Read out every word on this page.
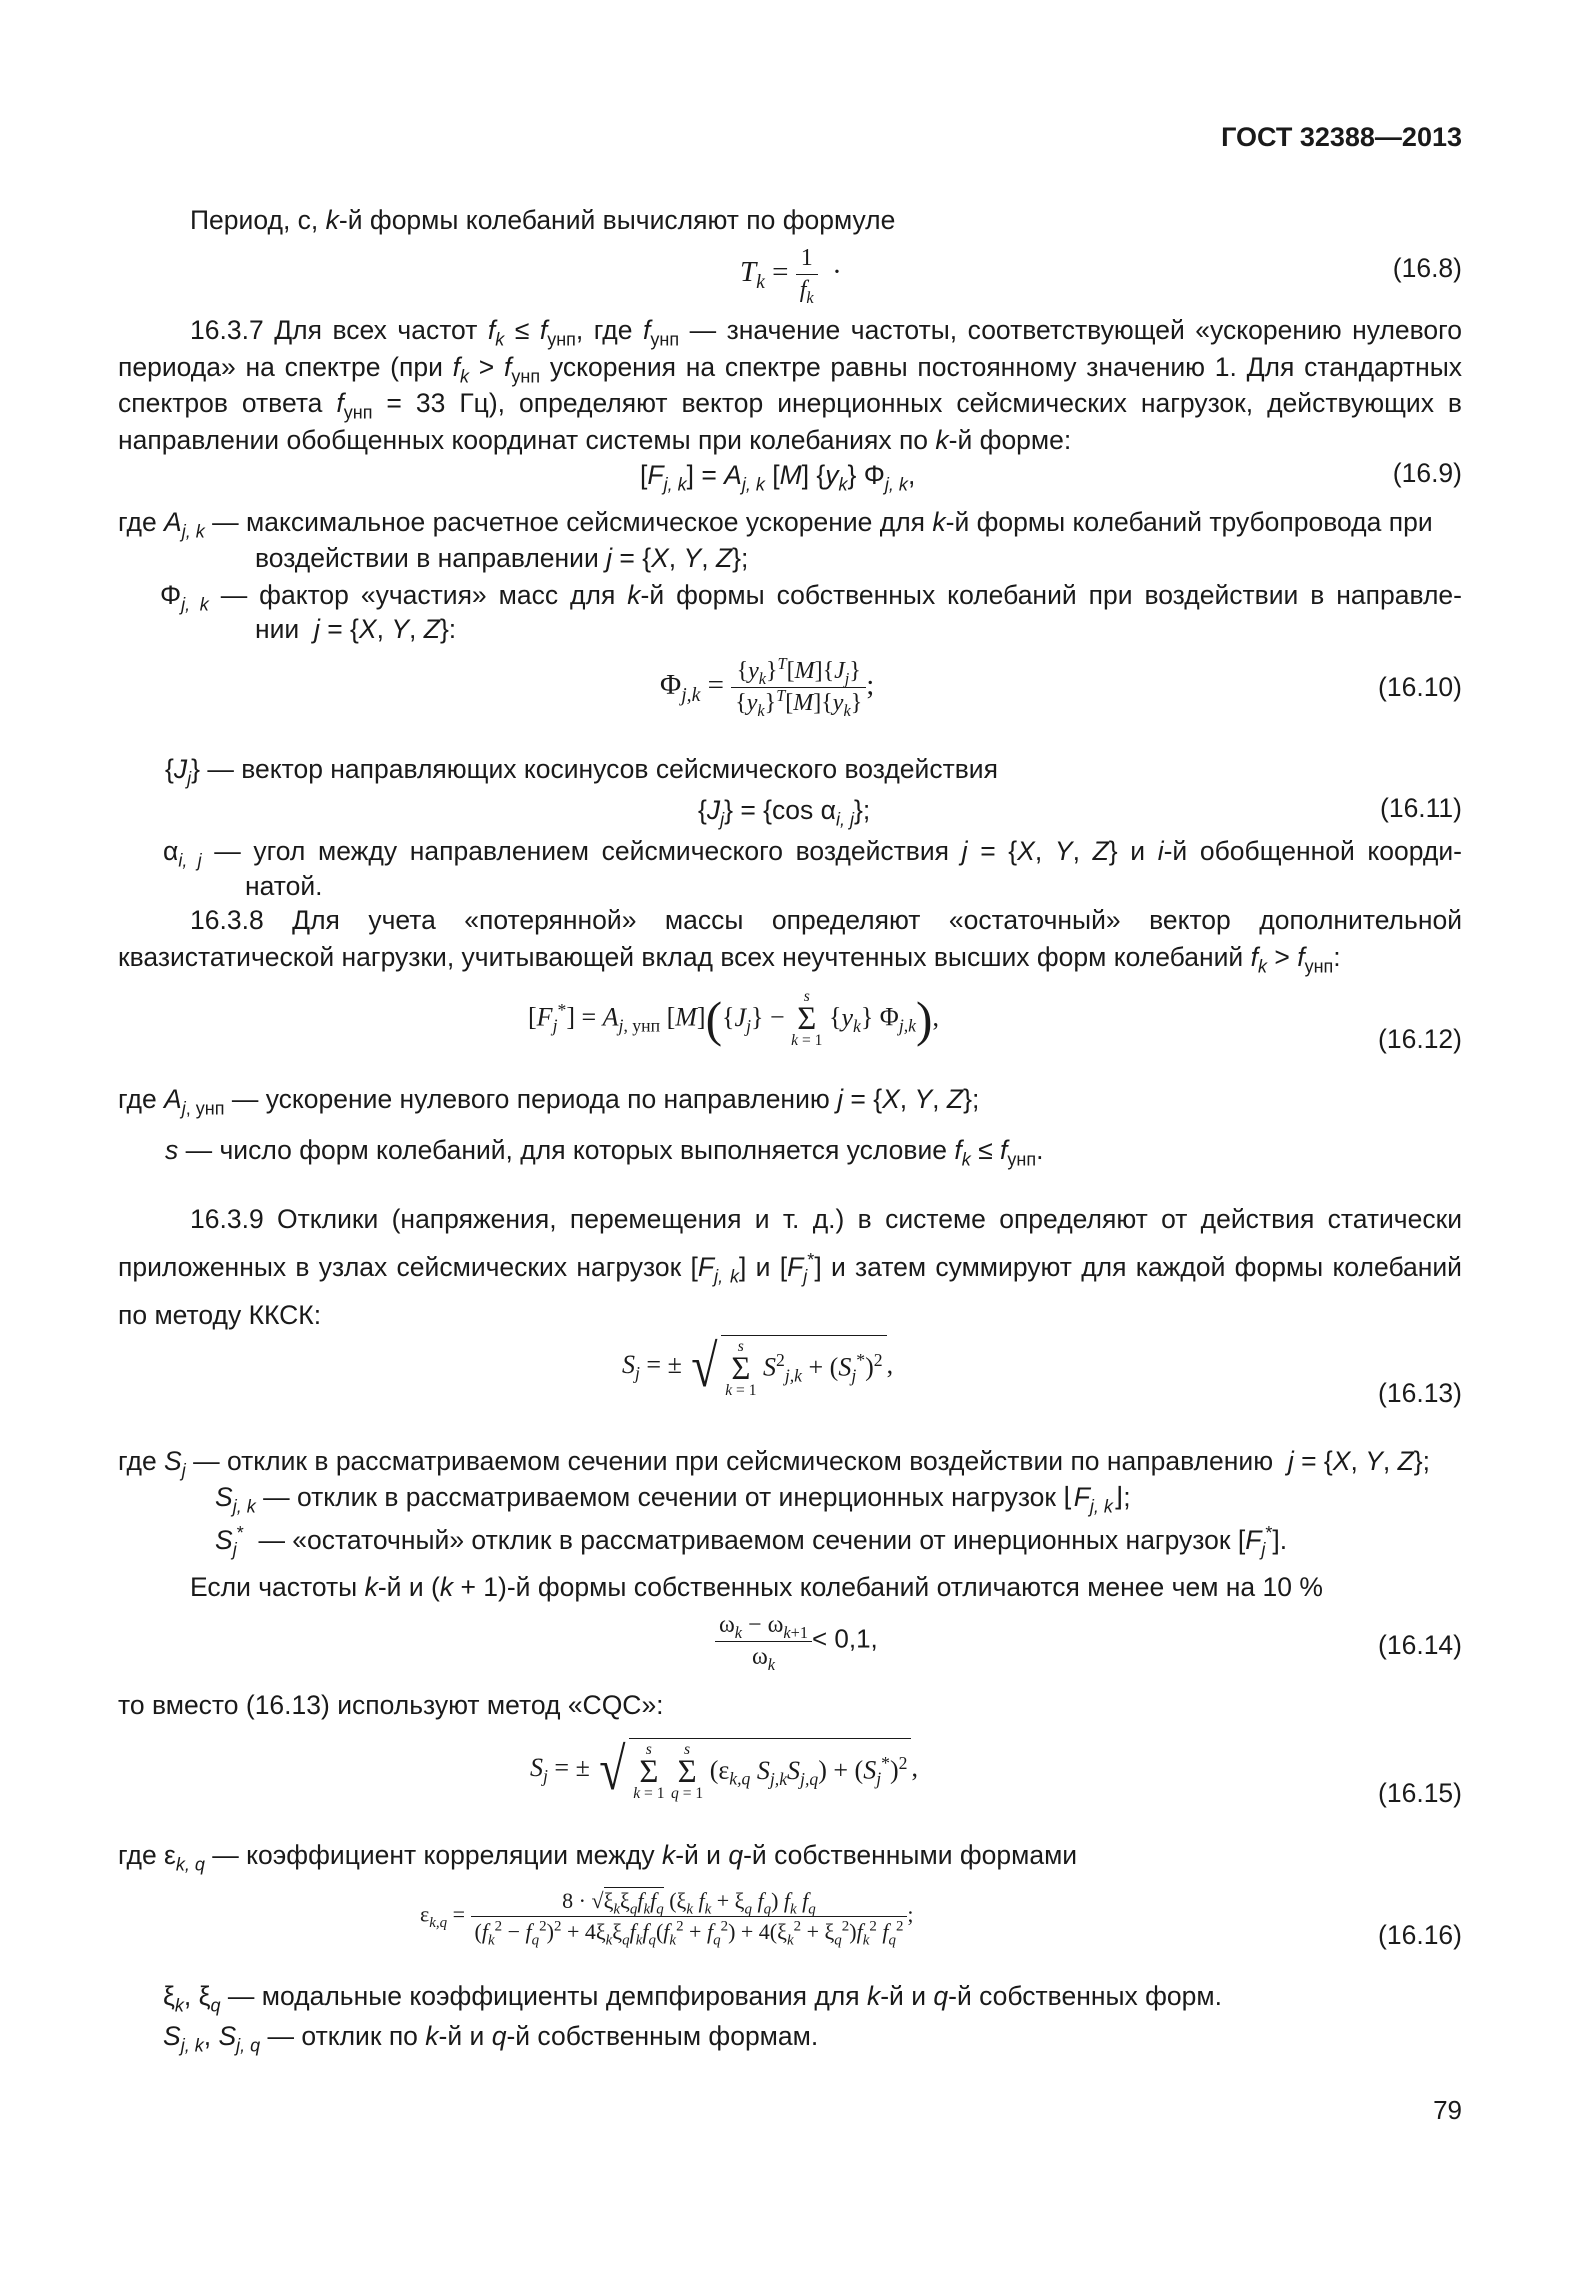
ГОСТ 32388—2013
Период, с, k-й формы колебаний вычисляют по формуле
$T_k = \frac{1}{f_k}$ ·	(16.8)
16.3.7 Для всех частот $f_k \le f_{унп}$, где $f_{унп}$ — значение частоты, соответствующей «ускорению нулевого периода» на спектре (при $f_k > f_{унп}$ ускорения на спектре равны постоянному значению 1. Для стандартных спектров ответа $f_{унп} = 33$ Гц), определяют вектор инерционных сейсмических нагрузок, действующих в направлении обобщенных координат системы при колебаниях по k-й форме:
$[F_{j, k}] = A_{j, k}$ [M] $\{y_k\}$ $\Phi_{j, k}$,	(16.9)
где $A_{j, k}$ — максимальное расчетное сейсмическое ускорение для k-й формы колебаний трубопровода при
воздействии в направлении j = {X, Y, Z};
$\Phi_{j, k}$ — фактор «участия» масс для k-й формы собственных колебаний при воздействии в направле-
нии  j = {X, Y, Z}:
$\Phi_{j,k} = \frac{\{y_k\}^T[M]\{J_j\}}{\{y_k\}^T[M]\{y_k\}}$ ;	(16.10)
$\{J_j\}$ — вектор направляющих косинусов сейсмического воздействия
$\{J_j\} = \{\cos$ $\alpha_{i, j}$};	(16.11)
$\alpha_{i, j}$ — угол между направлением сейсмического воздействия j = {X, Y, Z} и i-й обобщенной коорди-
натой.
16.3.8 Для учета «потерянной» массы определяют «остаточный» вектор дополнительной квазистатической нагрузки, учитывающей вклад всех неучтенных высших форм колебаний $f_k > f_{унп}$:
$[F_j^*] = A_{j, унп}$ $[M](\{J_j\} - s$
Σ
k = 1 $\{y_k\}$ $\Phi_{j,k}$),
(16.12)
где $A_{j, унп}$ — ускорение нулевого периода по направлению j = {X, Y, Z};
s — число форм колебаний, для которых выполняется условие $f_k \le f_{унп}$.
16.3.9 Отклики (напряжения, перемещения и т. д.) в системе определяют от действия статически приложенных в узлах сейсмических нагрузок $[F_{j, k}]$ и $[F_j^*]$ и затем суммируют для каждой формы колебаний по методу ККСК:
$S_j$ = ± √ s
Σ
k = 1 $S^2_{j,k} + (S_j^*)^2$ ,
(16.13)
где $S_j$ — отклик в рассматриваемом сечении при сейсмическом воздействии по направлению  j = {X, Y, Z};
$S_{j, k}$ — отклик в рассматриваемом сечении от инерционных нагрузок $⌊F_{j, k}⌋$;
$S_j^*$  — «остаточный» отклик в рассматриваемом сечении от инерционных нагрузок $[F_j^*]$.
Если частоты k-й и (k + 1)-й формы собственных колебаний отличаются менее чем на 10 %
$\frac{\omega_k - \omega_{k+1}}{\omega_k} < 0,1$,	(16.14)
то вместо (16.13) используют метод «CQC»:
$S_j$ = ± √ s
Σ
k = 1 s
Σ
q = 1 ($\varepsilon_{k,q}$ $S_{j,k}S_{j,q}) + (S_j^*)^2$ ,
(16.15)
где $\varepsilon_{k, q}$ — коэффициент корреляции между k-й и q-й собственными формами
$\varepsilon_{k,q}$ =
$8 \cdot √\xi_k\xi_qf_kf_q$ ($\xi_k$ $f_k + \xi_q$ $f_q$) $f_k$ $f_q$
$(f_k^2 - f_q^2)^2 + 4\xi_k\xi_qf_kf_q(f_k^2 + f_q^2) + 4(\xi_k^2 + \xi_q^2)f_k^2$ $f_q^2$
;
(16.16)
$\xi_k$, $\xi_q$ — модальные коэффициенты демпфирования для k-й и q-й собственных форм.
$S_{j, k}$, $S_{j, q}$ — отклик по k-й и q-й собственным формам.
79
